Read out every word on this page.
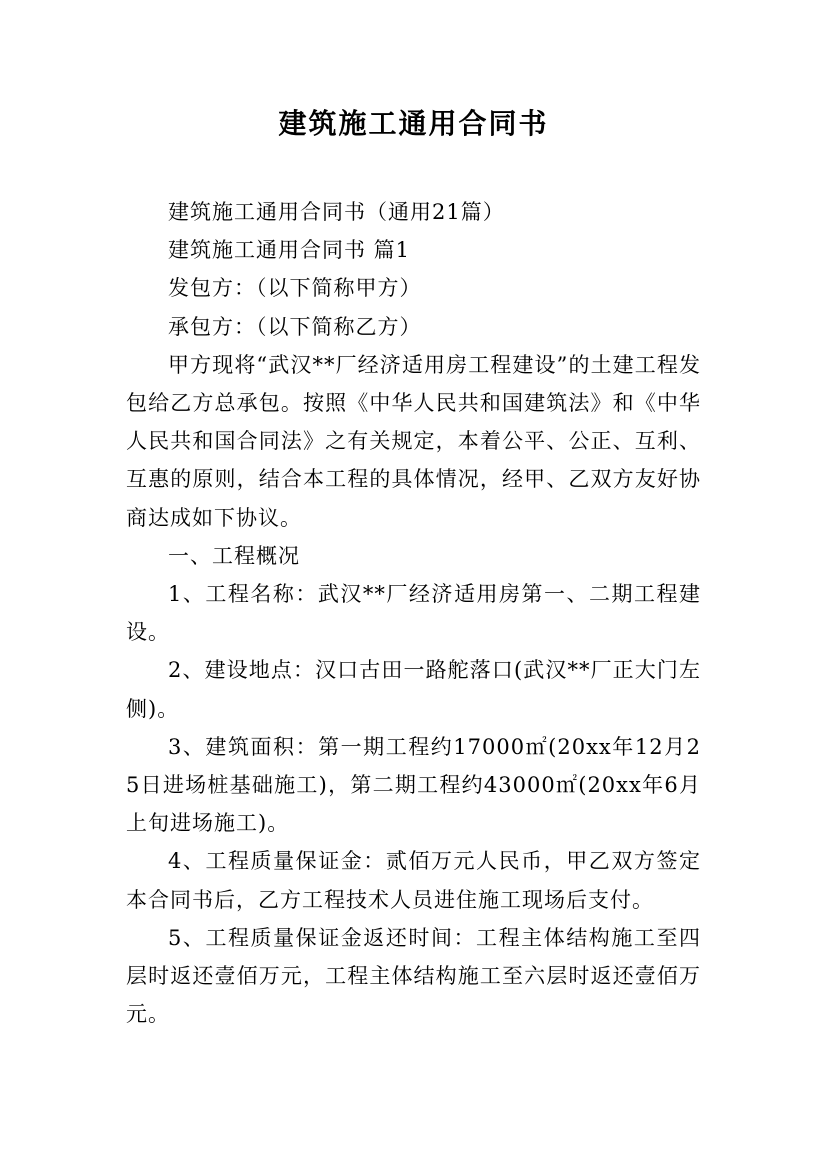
建筑施工通用合同书

建筑施工通用合同书（通用21篇）

建筑施工通用合同书 篇1

发包方：（以下简称甲方）

承包方：（以下简称乙方）

甲方现将“武汉**厂经济适用房工程建设”的土建工程发包给乙方总承包。按照《中华人民共和国建筑法》和《中华人民共和国合同法》之有关规定，本着公平、公正、互利、互惠的原则，结合本工程的具体情况，经甲、乙双方友好协商达成如下协议。

一、工程概况

1、工程名称：武汉**厂经济适用房第一、二期工程建设。

2、建设地点：汉口古田一路舵落口(武汉**厂正大门左侧)。

3、建筑面积：第一期工程约17000㎡(20xx年12月25日进场桩基础施工)，第二期工程约43000㎡(20xx年6月上旬进场施工)。

4、工程质量保证金：贰佰万元人民币，甲乙双方签定本合同书后，乙方工程技术人员进住施工现场后支付。

5、工程质量保证金返还时间：工程主体结构施工至四层时返还壹佰万元，工程主体结构施工至六层时返还壹佰万元。
